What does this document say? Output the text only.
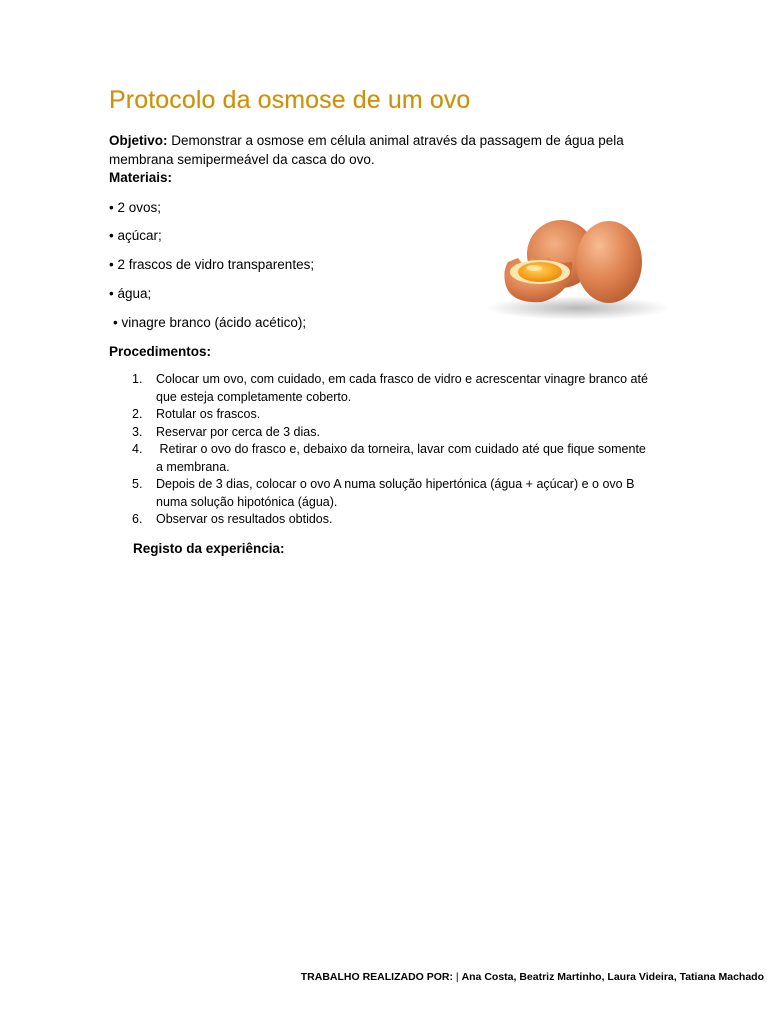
Protocolo da osmose de um ovo

Objetivo: Demonstrar a osmose em célula animal através da passagem de água pela membrana semipermeável da casca do ovo.

Materiais:

• 2 ovos;

• açúcar;

• 2 frascos de vidro transparentes;

• água;

• vinagre branco (ácido acético);

Procedimentos:

1.	Colocar um ovo, com cuidado, em cada frasco de vidro e acrescentar vinagre branco até que esteja completamente coberto.
2.	Rotular os frascos.
3.	Reservar por cerca de 3 dias.
4.	Retirar o ovo do frasco e, debaixo da torneira, lavar com cuidado até que fique somente a membrana.
5.	Depois de 3 dias, colocar o ovo A numa solução hipertónica (água + açúcar) e o ovo B numa solução hipotónica (água).
6.	Observar os resultados obtidos.

Registo da experiência:

TRABALHO REALIZADO POR: | Ana Costa, Beatriz Martinho, Laura Videira, Tatiana Machado
